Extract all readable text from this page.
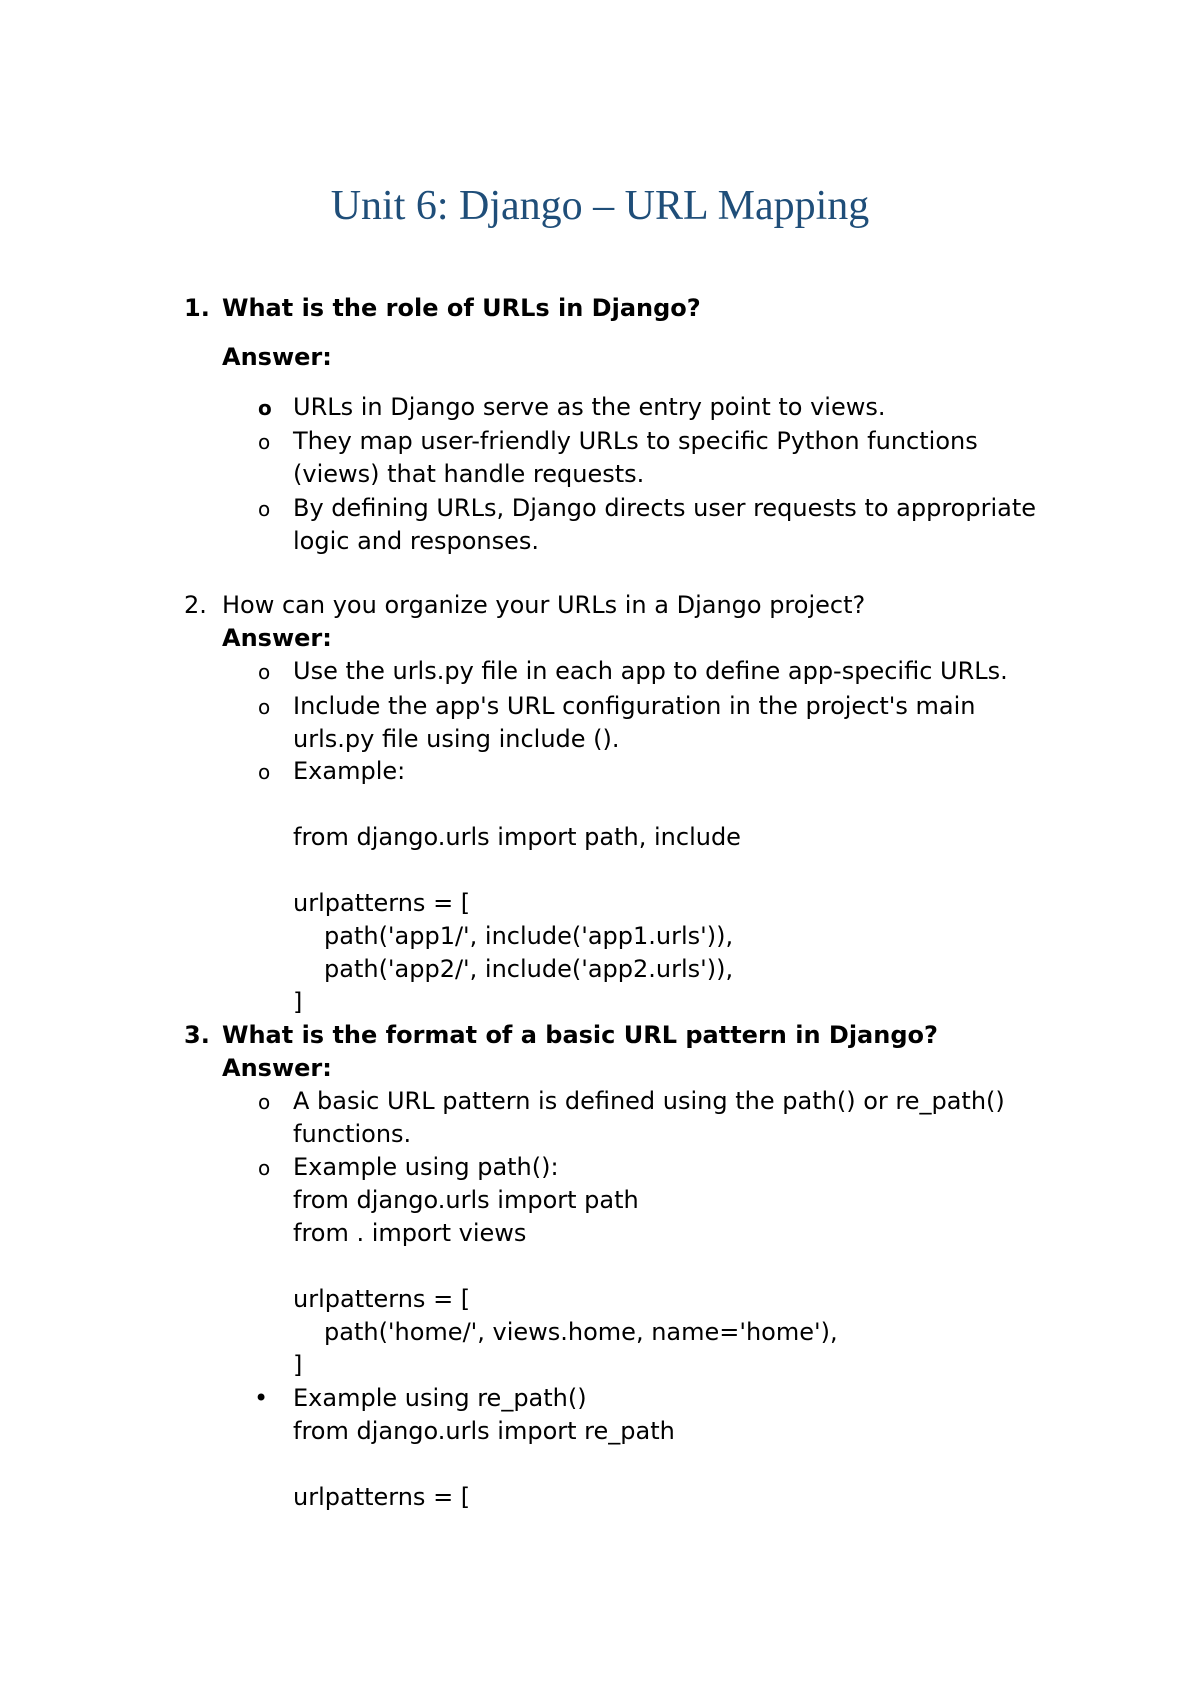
Unit 6: Django – URL Mapping
1. What is the role of URLs in Django?
Answer:
o URLs in Django serve as the entry point to views.
o They map user-friendly URLs to specific Python functions
(views) that handle requests.
o By defining URLs, Django directs user requests to appropriate
logic and responses.
2. How can you organize your URLs in a Django project?
Answer:
o Use the urls.py file in each app to define app-specific URLs.
o Include the app's URL configuration in the project's main
urls.py file using include ().
o Example:
from django.urls import path, include
urlpatterns = [
path('app1/', include('app1.urls')),
path('app2/', include('app2.urls')),
]
3. What is the format of a basic URL pattern in Django?
Answer:
o A basic URL pattern is defined using the path() or re_path()
functions.
o Example using path():
from django.urls import path
from . import views
urlpatterns = [
path('home/', views.home, name='home'),
]
• Example using re_path()
from django.urls import re_path
urlpatterns = [
